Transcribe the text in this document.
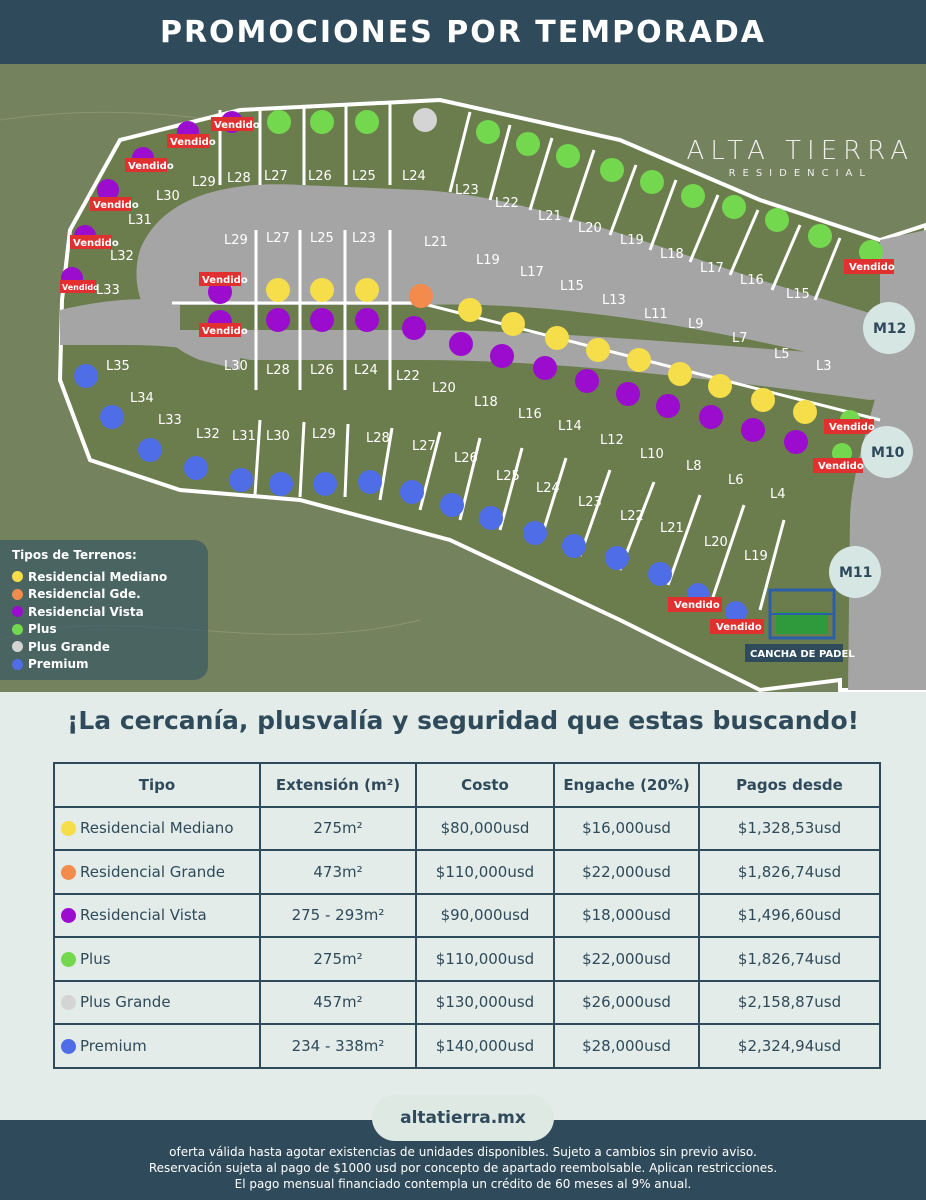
PROMOCIONES POR TEMPORADA
L28 L27 L26 L25 L24
L29
L30
L31
L32
L33
L23
L22
L21
L20
L19
L18
L17
L16
L15
L29 L27 L25 L23	L21
L19
L17
L15
L13
L11
L9
L7
L5
L3
L30 L28 L26 L24 L22
L20
L18
L16
L14
L12
L10
L8
L6
L4
L35
L34
L33
L32 L31 L30 L29 L28
L27
L26
L25
L24
L23
L22
L21
L20
L19
Vendido
Vendido
Vendido
Vendido
Vendido
Vendido
Vendido
Vendido
Vendido
Vendido
Vendido
Vendido
Vendido
M12
M10
M11
CANCHA DE PADEL
ALTA TIERRA
RESIDENCIAL
Tipos de Terrenos:
Residencial Mediano
Residencial Gde.
Residencial Vista
Plus
Plus Grande
Premium
¡La cercanía, plusvalía y seguridad que estas buscando!
Tipo	Extensión (m²)	Costo	Engache (20%)	Pagos desde
Residencial Mediano	275m²	$80,000usd	$16,000usd	$1,328,53usd
Residencial Grande	473m²	$110,000usd	$22,000usd	$1,826,74usd
Residencial Vista	275 - 293m²	$90,000usd	$18,000usd	$1,496,60usd
Plus	275m²	$110,000usd	$22,000usd	$1,826,74usd
Plus Grande	457m²	$130,000usd	$26,000usd	$2,158,87usd
Premium	234 - 338m²	$140,000usd	$28,000usd	$2,324,94usd
oferta válida hasta agotar existencias de unidades disponibles. Sujeto a cambios sin previo aviso.
Reservación sujeta al pago de $1000 usd por concepto de apartado reembolsable. Aplican restricciones.
El pago mensual financiado contempla un crédito de 60 meses al 9% anual.
altatierra.mx
